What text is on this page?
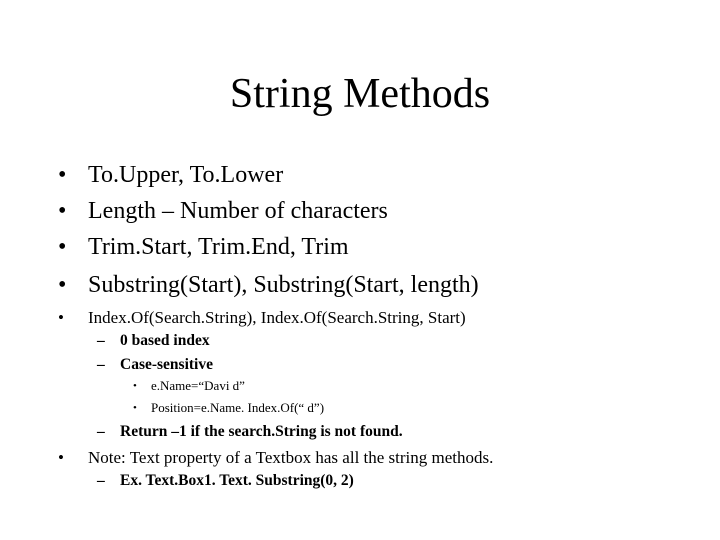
String Methods
• To.Upper, To.Lower
• Length – Number of characters
• Trim.Start, Trim.End, Trim
• Substring(Start), Substring(Start, length)
• Index.Of(Search.String), Index.Of(Search.String, Start)
– 0 based index
– Case-sensitive
• e.Name=“Davi d”
• Position=e.Name. Index.Of(“ d”)
– Return –1 if the search.String is not found.
• Note: Text property of a Textbox has all the string methods.
– Ex. Text.Box1. Text. Substring(0, 2)
